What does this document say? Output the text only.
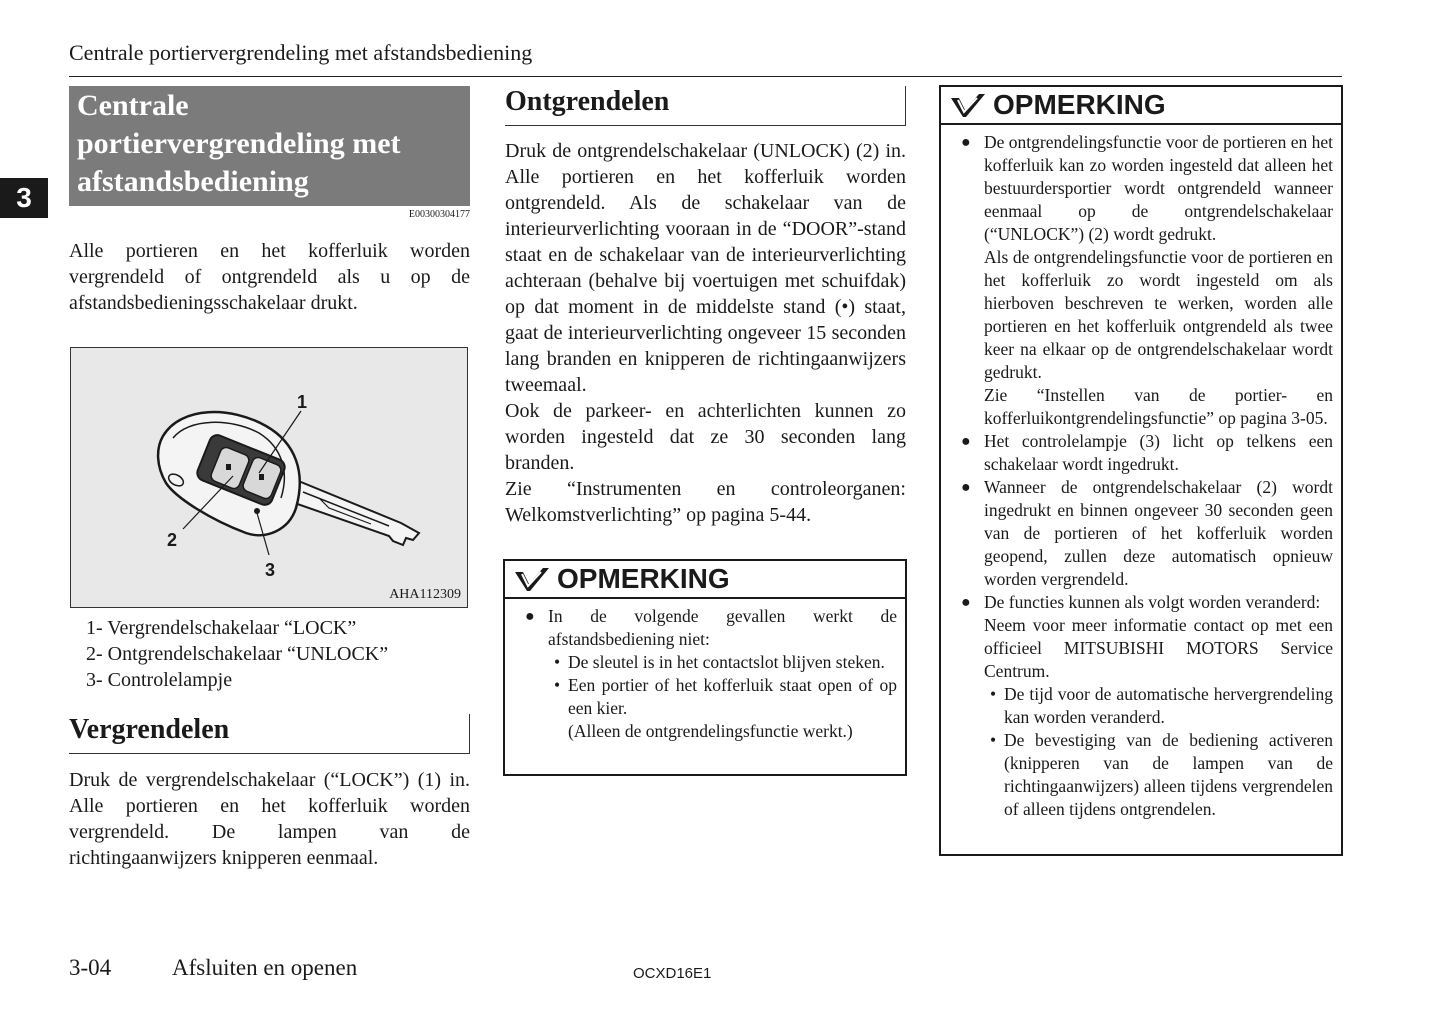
Centrale portiervergrendeling met afstandsbediening
3
Centrale
portiervergrendeling met
afstandsbediening
E00300304177
Alle portieren en het kofferluik worden vergrendeld of ontgrendeld als u op de afstandsbedieningsschakelaar drukt.
1
2
3
AHA112309
1- Vergrendelschakelaar “LOCK”
2- Ontgrendelschakelaar “UNLOCK”
3- Controlelampje
Vergrendelen
Druk de vergrendelschakelaar (“LOCK”) (1) in. Alle portieren en het kofferluik worden vergrendeld. De lampen van de richtingaanwijzers knipperen eenmaal.
Ontgrendelen

Druk de ontgrendelschakelaar (UNLOCK) (2) in. Alle portieren en het kofferluik worden ontgrendeld. Als de schakelaar van de interieurverlichting vooraan in de “DOOR”-stand staat en de schakelaar van de interieurverlichting achteraan (behalve bij voertuigen met schuifdak) op dat moment in de middelste stand (•) staat, gaat de interieurverlichting ongeveer 15 seconden lang branden en knipperen de richtingaanwijzers tweemaal.

Ook de parkeer- en achterlichten kunnen zo worden ingesteld dat ze 30 seconden lang branden.

Zie “Instrumenten en controleorganen: Welkomstverlichting” op pagina 5-44.

OPMERKING
● In de volgende gevallen werkt de afstandsbediening niet:

• De sleutel is in het contactslot blijven steken.

• Een portier of het kofferluik staat open of op een kier.

(Alleen de ontgrendelingsfunctie werkt.)

OPMERKING
● De ontgrendelingsfunctie voor de portieren en het kofferluik kan zo worden ingesteld dat alleen het bestuurdersportier wordt ontgrendeld wanneer eenmaal op de ontgrendelschakelaar (“UNLOCK”) (2) wordt gedrukt.

Als de ontgrendelingsfunctie voor de portieren en het kofferluik zo wordt ingesteld om als hierboven beschreven te werken, worden alle portieren en het kofferluik ontgrendeld als twee keer na elkaar op de ontgrendelschakelaar wordt gedrukt.

Zie “Instellen van de portier- en kofferluikontgrendelingsfunctie” op pagina 3-05.

● Het controlelampje (3) licht op telkens een schakelaar wordt ingedrukt.

● Wanneer de ontgrendelschakelaar (2) wordt ingedrukt en binnen ongeveer 30 seconden geen van de portieren of het kofferluik worden geopend, zullen deze automatisch opnieuw worden vergrendeld.

● De functies kunnen als volgt worden veranderd:

Neem voor meer informatie contact op met een officieel MITSUBISHI MOTORS Service Centrum.

• De tijd voor de automatische hervergrendeling kan worden veranderd.

• De bevestiging van de bediening activeren (knipperen van de lampen van de richtingaanwijzers) alleen tijdens vergrendelen of alleen tijdens ontgrendelen.

3-04	Afsluiten en openen	OCXD16E1
